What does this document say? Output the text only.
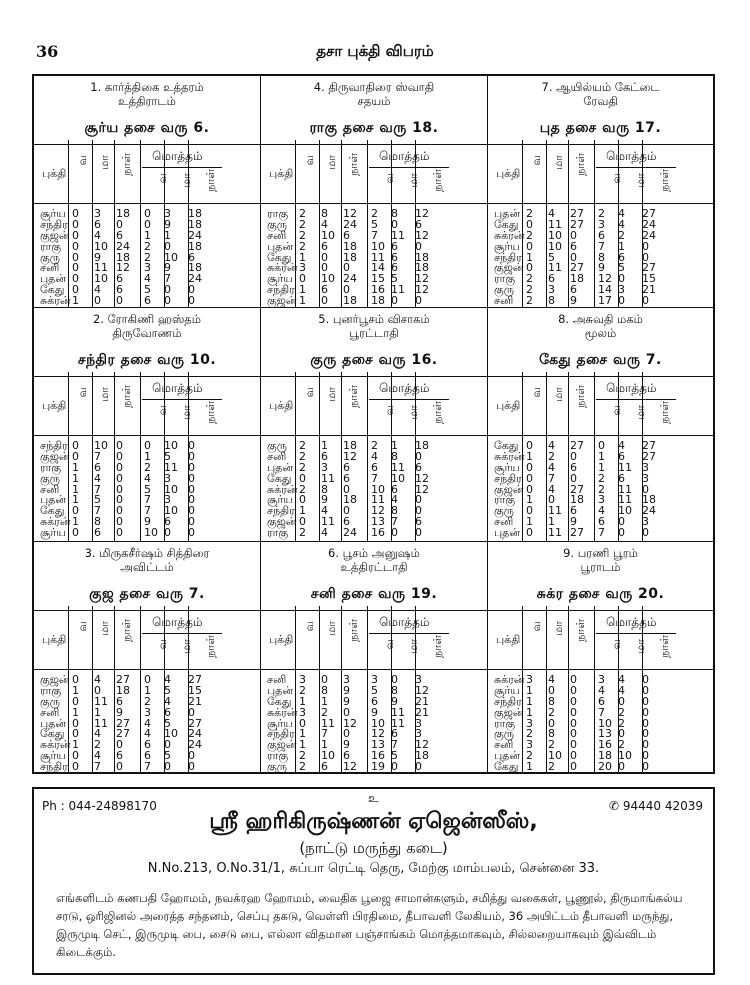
36	தசா புக்தி விபரம்
1. கார்த்திகை உத்தரம்
உத்திராடம்
சூர்ய தசை வரு 6.
புக்தி
வ மா நாள் மொத்தம்
வ மா நாள்
சூர்ய 0 3 18 0 3 18
சந்திர 0 6 0 0 9 18
குஜன் 0 4 6 1 1 24
ராகு 0 10 24 2 0 18
குரு 0 9 18 2 10 6
சனி 0 11 12 3 9 18
புதன் 0 10 6 4 7 24
கேது 0 4 6 5 0 0
சுக்ரன் 1 0 0 6 0 0
4. திருவாதிரை ஸ்வாதி
சதயம்
ராகு தசை வரு 18.
புக்தி
வ மா நாள் மொத்தம்
வ மா நாள்
ராகு 2 8 12 2 8 12
குரு 2 4 24 5 0 6
சனி 2 10 6 7 11 12
புதன் 2 6 18 10 6 0
கேது 1 0 18 11 6 18
சுக்ரன் 3 0 0 14 6 18
சூர்ய 0 10 24 15 5 12
சந்திர 1 6 0 16 11 12
குஜன் 1 0 18 18 0 0
7. ஆயில்யம் கேட்டை
ரேவதி
புத தசை வரு 17.
புக்தி
வ மா நாள் மொத்தம்
வ மா நாள்
புதன் 2 4 27 2 4 27
கேது 0 11 27 3 4 24
சுக்ரன் 2 10 0 6 2 24
சூர்ய 0 10 6 7 1 0
சந்திர 1 5 0 8 6 0
குஜன் 0 11 27 9 5 27
ராகு 2 6 18 12 0 15
குரு 2 3 6 14 3 21
சனி 2 8 9 17 0 0
2. ரோகிணி ஹஸ்தம்
திருவோணம்
சந்திர தசை வரு 10.
புக்தி
வ மா நாள் மொத்தம்
வ மா நாள்
சந்திர 0 10 0 0 10 0
குஜன் 0 7 0 1 5 0
ராகு 1 6 0 2 11 0
குரு 1 4 0 4 3 0
சனி 1 7 0 5 10 0
புதன் 1 5 0 7 3 0
கேது 0 7 0 7 10 0
சுக்ரன் 1 8 0 9 6 0
சூர்ய 0 6 0 10 0 0
5. புனர்பூசம் விசாகம்
பூரட்டாதி
குரு தசை வரு 16.
புக்தி
வ மா நாள் மொத்தம்
வ மா நாள்
குரு 2 1 18 2 1 18
சனி 2 6 12 4 8 0
புதன் 2 3 6 6 11 6
கேது 0 11 6 7 10 12
சுக்ரன் 2 8 0 10 6 12
சூர்ய 0 9 18 11 4 0
சந்திர 1 4 0 12 8 0
குஜன் 0 11 6 13 7 6
ராகு 2 4 24 16 0 0
8. அசுவதி மகம்
மூலம்
கேது தசை வரு 7.
புக்தி
வ மா நாள் மொத்தம்
வ மா நாள்
கேது 0 4 27 0 4 27
சுக்ரன் 1 2 0 1 6 27
சூர்ய 0 4 6 1 11 3
சந்திர 0 7 0 2 6 3
குஜன் 0 4 27 2 11 0
ராகு 1 0 18 3 11 18
குரு 0 11 6 4 10 24
சனி 1 1 9 6 0 3
புதன் 0 11 27 7 0 0
3. மிருகசீர்ஷம் சித்திரை
அவிட்டம்
குஜ தசை வரு 7.
புக்தி
வ மா நாள் மொத்தம்
வ மா நாள்
குஜன் 0 4 27 0 4 27
ராகு 1 0 18 1 5 15
குரு 0 11 6 2 4 21
சனி 1 1 9 3 6 0
புதன் 0 11 27 4 5 27
கேது 0 4 27 4 10 24
சுக்ரன் 1 2 0 6 0 24
சூர்ய 0 4 6 6 5 0
சந்திர 0 7 0 7 0 0
6. பூசம் அனுஷம்
உத்திரட்டாதி
சனி தசை வரு 19.
புக்தி
வ மா நாள் மொத்தம்
வ மா நாள்
சனி 3 0 3 3 0 3
புதன் 2 8 9 5 8 12
கேது 1 1 9 6 9 21
சுக்ரன் 3 2 0 9 11 21
சூர்ய 0 11 12 10 11 3
சந்திர 1 7 0 12 6 3
குஜன் 1 1 9 13 7 12
ராகு 2 10 6 16 5 18
குரு 2 6 12 19 0 0
9. பரணி பூரம்
பூராடம்
சுக்ர தசை வரு 20.
புக்தி
வ மா நாள் மொத்தம்
வ மா நாள்
சுக்ரன் 3 4 0 3 4 0
சூர்ய 1 0 0 4 4 0
சந்திர 1 8 0 6 0 0
குஜன் 1 2 0 7 2 0
ராகு 3 0 0 10 2 0
குரு 2 8 0 13 0 0
சனி 3 2 0 16 2 0
புதன் 2 10 0 18 10 0
கேது 1 2 0 20 0 0
Ph : 044-24898170
உ
✆ 94440 42039
ஸ்ரீ ஹரிகிருஷ்ணன் ஏஜென்ஸீஸ்,
(நாட்டு மருந்து கடை)
N.No.213, O.No.31/1, சுப்பா ரெட்டி தெரு, மேற்கு மாம்பலம், சென்னை 33.
எங்களிடம் கணபதி ஹோமம், நவக்ரஹ ஹோமம், வைதிக பூஜை சாமான்களும், சமித்து வகைகள், பூணூல், திருமாங்கல்ய சரடு, ஒரிஜினல் அரைத்த சந்தனம், செப்பு தகடு, வெள்ளி பிரதிமை, தீபாவளி லேகியம், 36 அயிட்டம் தீபாவளி மருந்து, இருமுடி செட், இருமுடி பை, சைடு பை, எல்லா விதமான பஞ்சாங்கம் மொத்தமாகவும், சில்லறையாகவும் இவ்விடம் கிடைக்கும்.
